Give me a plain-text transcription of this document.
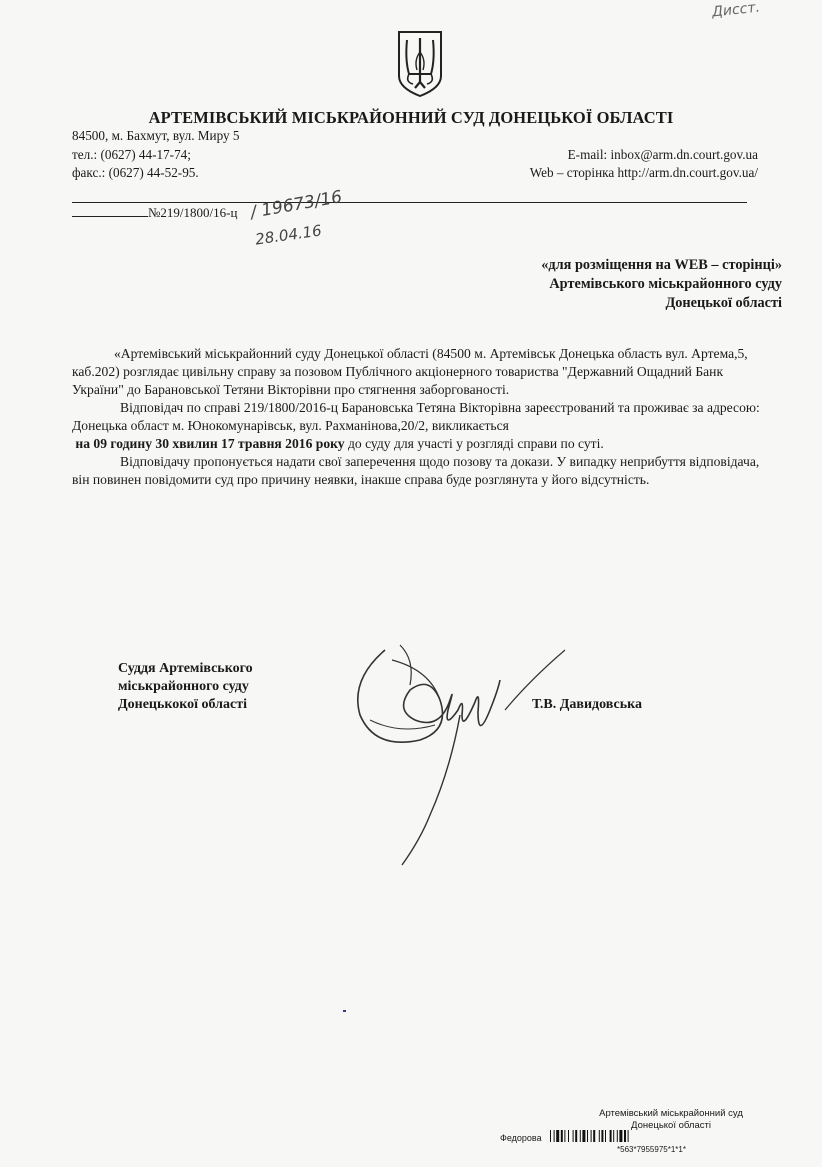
Дисст.
АРТЕМІВСЬКИЙ МІСЬКРАЙОННИЙ СУД ДОНЕЦЬКОЇ ОБЛАСТІ
84500, м. Бахмут, вул. Миру 5
тел.: (0627) 44-17-74;
факс.: (0627) 44-52-95.
E-mail: inbox@arm.dn.court.gov.ua
Web – сторінка http://arm.dn.court.gov.ua/
№219/1800/16-ц / 19673/16
28.04.16
«для розміщення на WEB – сторінці»
Артемівського міськрайонного суду
Донецької області

«Артемівський міськрайонний суду Донецької області (84500 м. Артемівськ Донецька область вул. Артема,5, каб.202) розглядає цивільну справу за позовом Публічного акціонерного товариства "Державний Ощадний Банк України" до Барановської Тетяни Вікторівни про стягнення заборгованості.

Відповідач по справі 219/1800/2016-ц Барановська Тетяна Вікторівна зареєстрований та проживає за адресою: Донецька област м. Юнокомунарівськ, вул. Рахманінова,20/2, викликається
на 09 годину 30 хвилин 17 травня 2016 року до суду для участі у розгляді справи по суті.

Відповідачу пропонується надати свої заперечення щодо позову та докази. У випадку неприбуття відповідача, він повинен повідомити суд про причину неявки, інакше справа буде розглянута у його відсутність.

Суддя Артемівського
міськрайонного суду
Донецькокої області	Т.В. Давидовська
Артемівський міськрайонний суд
Донецької області
Федорова
*563*7955975*1*1*
